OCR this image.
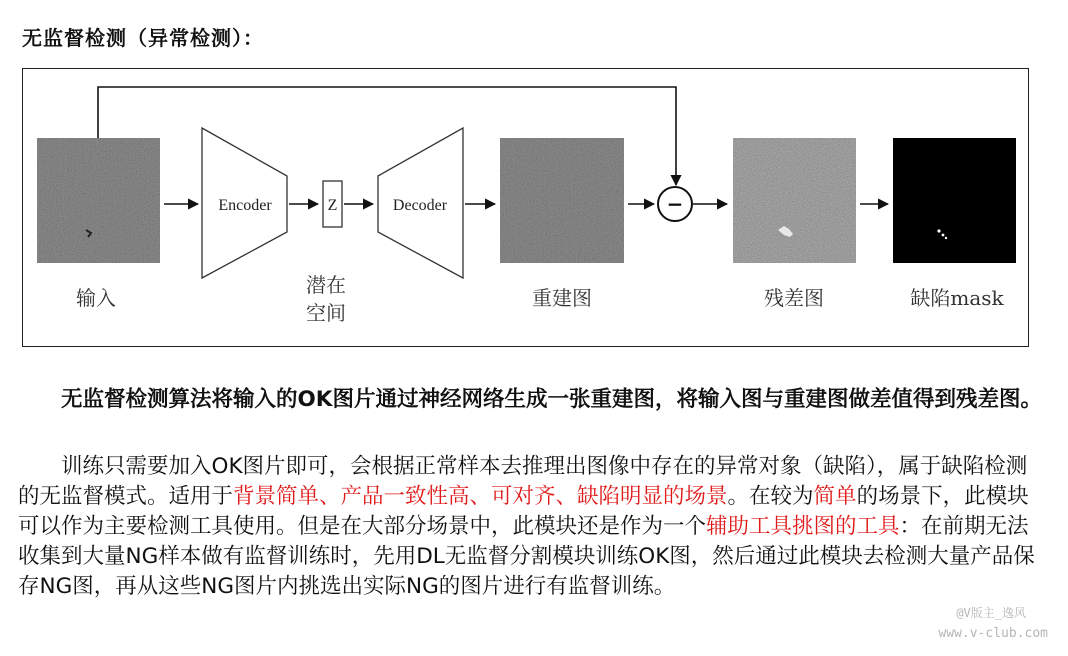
无监督检测（异常检测）：
Encoder	Z	Decoder	−
输入
潜在
空间
重建图	残差图	缺陷mask

　　无监督检测算法将输入的OK图片通过神经网络生成一张重建图，将输入图与重建图做差值得到残差图。

　　训练只需要加入OK图片即可，会根据正常样本去推理出图像中存在的异常对象（缺陷），属于缺陷检测的无监督模式。适用于背景简单、产品一致性高、可对齐、缺陷明显的场景。在较为简单的场景下，此模块可以作为主要检测工具使用。但是在大部分场景中，此模块还是作为一个辅助工具挑图的工具：在前期无法收集到大量NG样本做有监督训练时，先用DL无监督分割模块训练OK图，然后通过此模块去检测大量产品保存NG图，再从这些NG图片内挑选出实际NG的图片进行有监督训练。

@V版主_逸风
www.v-club.com
